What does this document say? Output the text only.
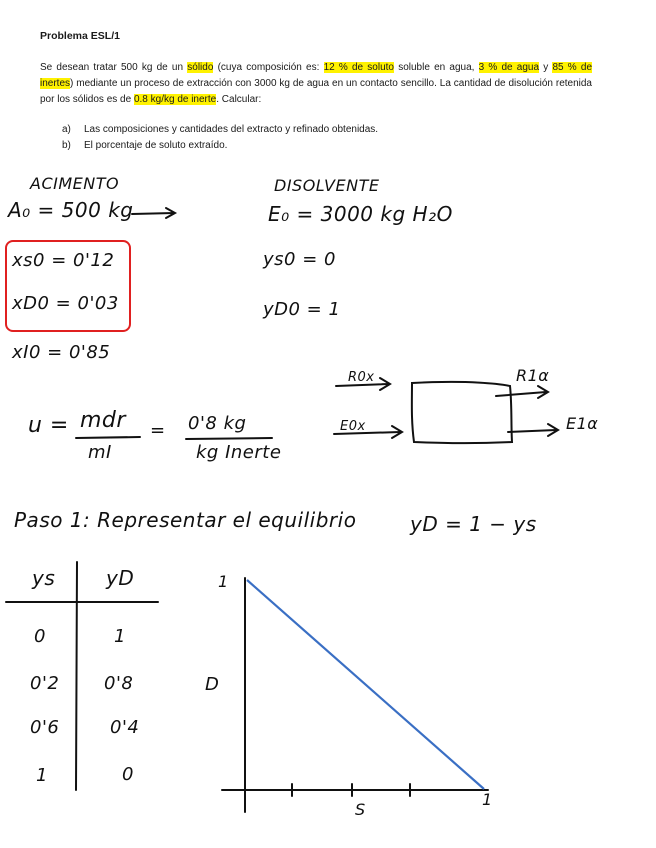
Problema ESL/1
Se desean tratar 500 kg de un sólido (cuya composición es: 12 % de soluto soluble en agua, 3 % de agua y 85 % de inertes) mediante un proceso de extracción con 3000 kg de agua en un contacto sencillo. La cantidad de disolución retenida por los sólidos es de 0.8 kg/kg de inerte. Calcular:
a) Las composiciones y cantidades del extracto y refinado obtenidas.
b) El porcentaje de soluto extraído.
ACIMENTO
A₀ = 500 kg
DISOLVENTE
E₀ = 3000 kg H₂O
xs0 = 0'12
xD0 = 0'03
xI0 = 0'85
ys0 = 0
yD0 = 1
u = mdr
mI
= 0'8 kg
kg Inerte
R0x
E0x
R1α
E1α
Paso 1: Representar el equilibrio	yD = 1 − ys
ys	yD
0	1
0'2 0'8
0'6	0'4
1	0
1
D
S
1
